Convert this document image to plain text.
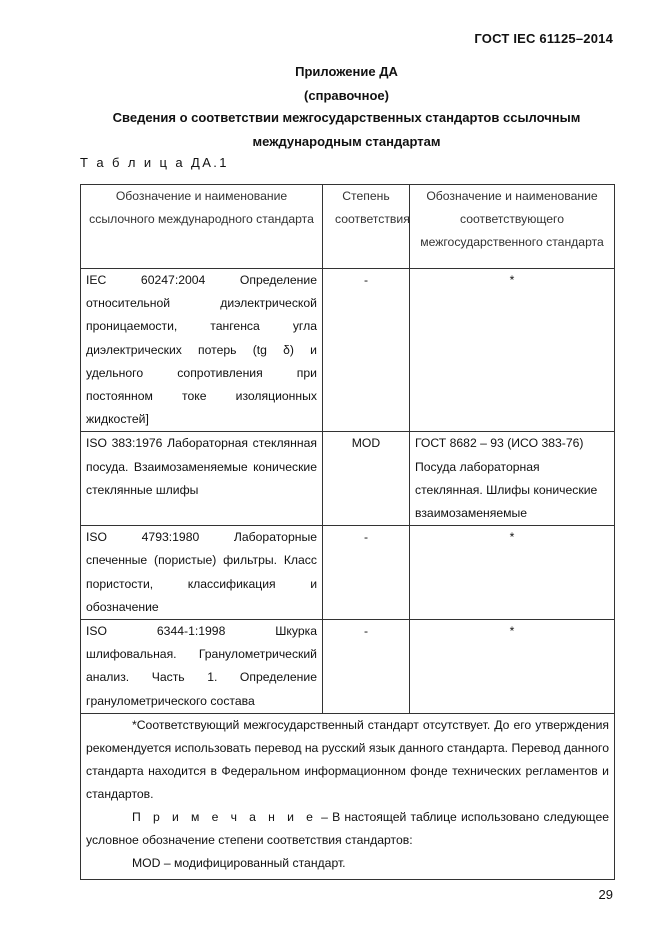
ГОСТ IEC 61125–2014
Приложение ДА
(справочное)
Сведения о соответствии межгосударственных стандартов ссылочным
международным стандартам
Т а б л и ц а ДА.1
Обозначение и наименование ссылочного международного стандарта	Степень соответствия	Обозначение и наименование соответствующего межгосударственного стандарта
IEC 60247:2004 Определение относительной диэлектрической проницаемости, тангенса угла диэлектрических потерь (tg δ) и удельного сопротивления при постоянном токе изоляционных жидкостей]	-	*
ISO 383:1976 Лабораторная стеклянная посуда. Взаимозаменяемые конические стеклянные шлифы	MOD	ГОСТ 8682 – 93 (ИСО 383-76) Посуда лабораторная стеклянная. Шлифы конические взаимозаменяемые
ISO 4793:1980 Лабораторные спеченные (пористые) фильтры. Класс пористости, классификация и обозначение	-	*
ISO 6344-1:1998 Шкурка шлифовальная. Гранулометрический анализ. Часть 1. Определение гранулометрического состава	-	*

*Соответствующий межгосударственный стандарт отсутствует. До его утверждения рекомендуется использовать перевод на русский язык данного стандарта. Перевод данного стандарта находится в Федеральном информационном фонде технических регламентов и стандартов.

П р и м е ч а н и е – В настоящей таблице использовано следующее условное обозначение степени соответствия стандартов:

MOD – модифицированный стандарт.		

29
